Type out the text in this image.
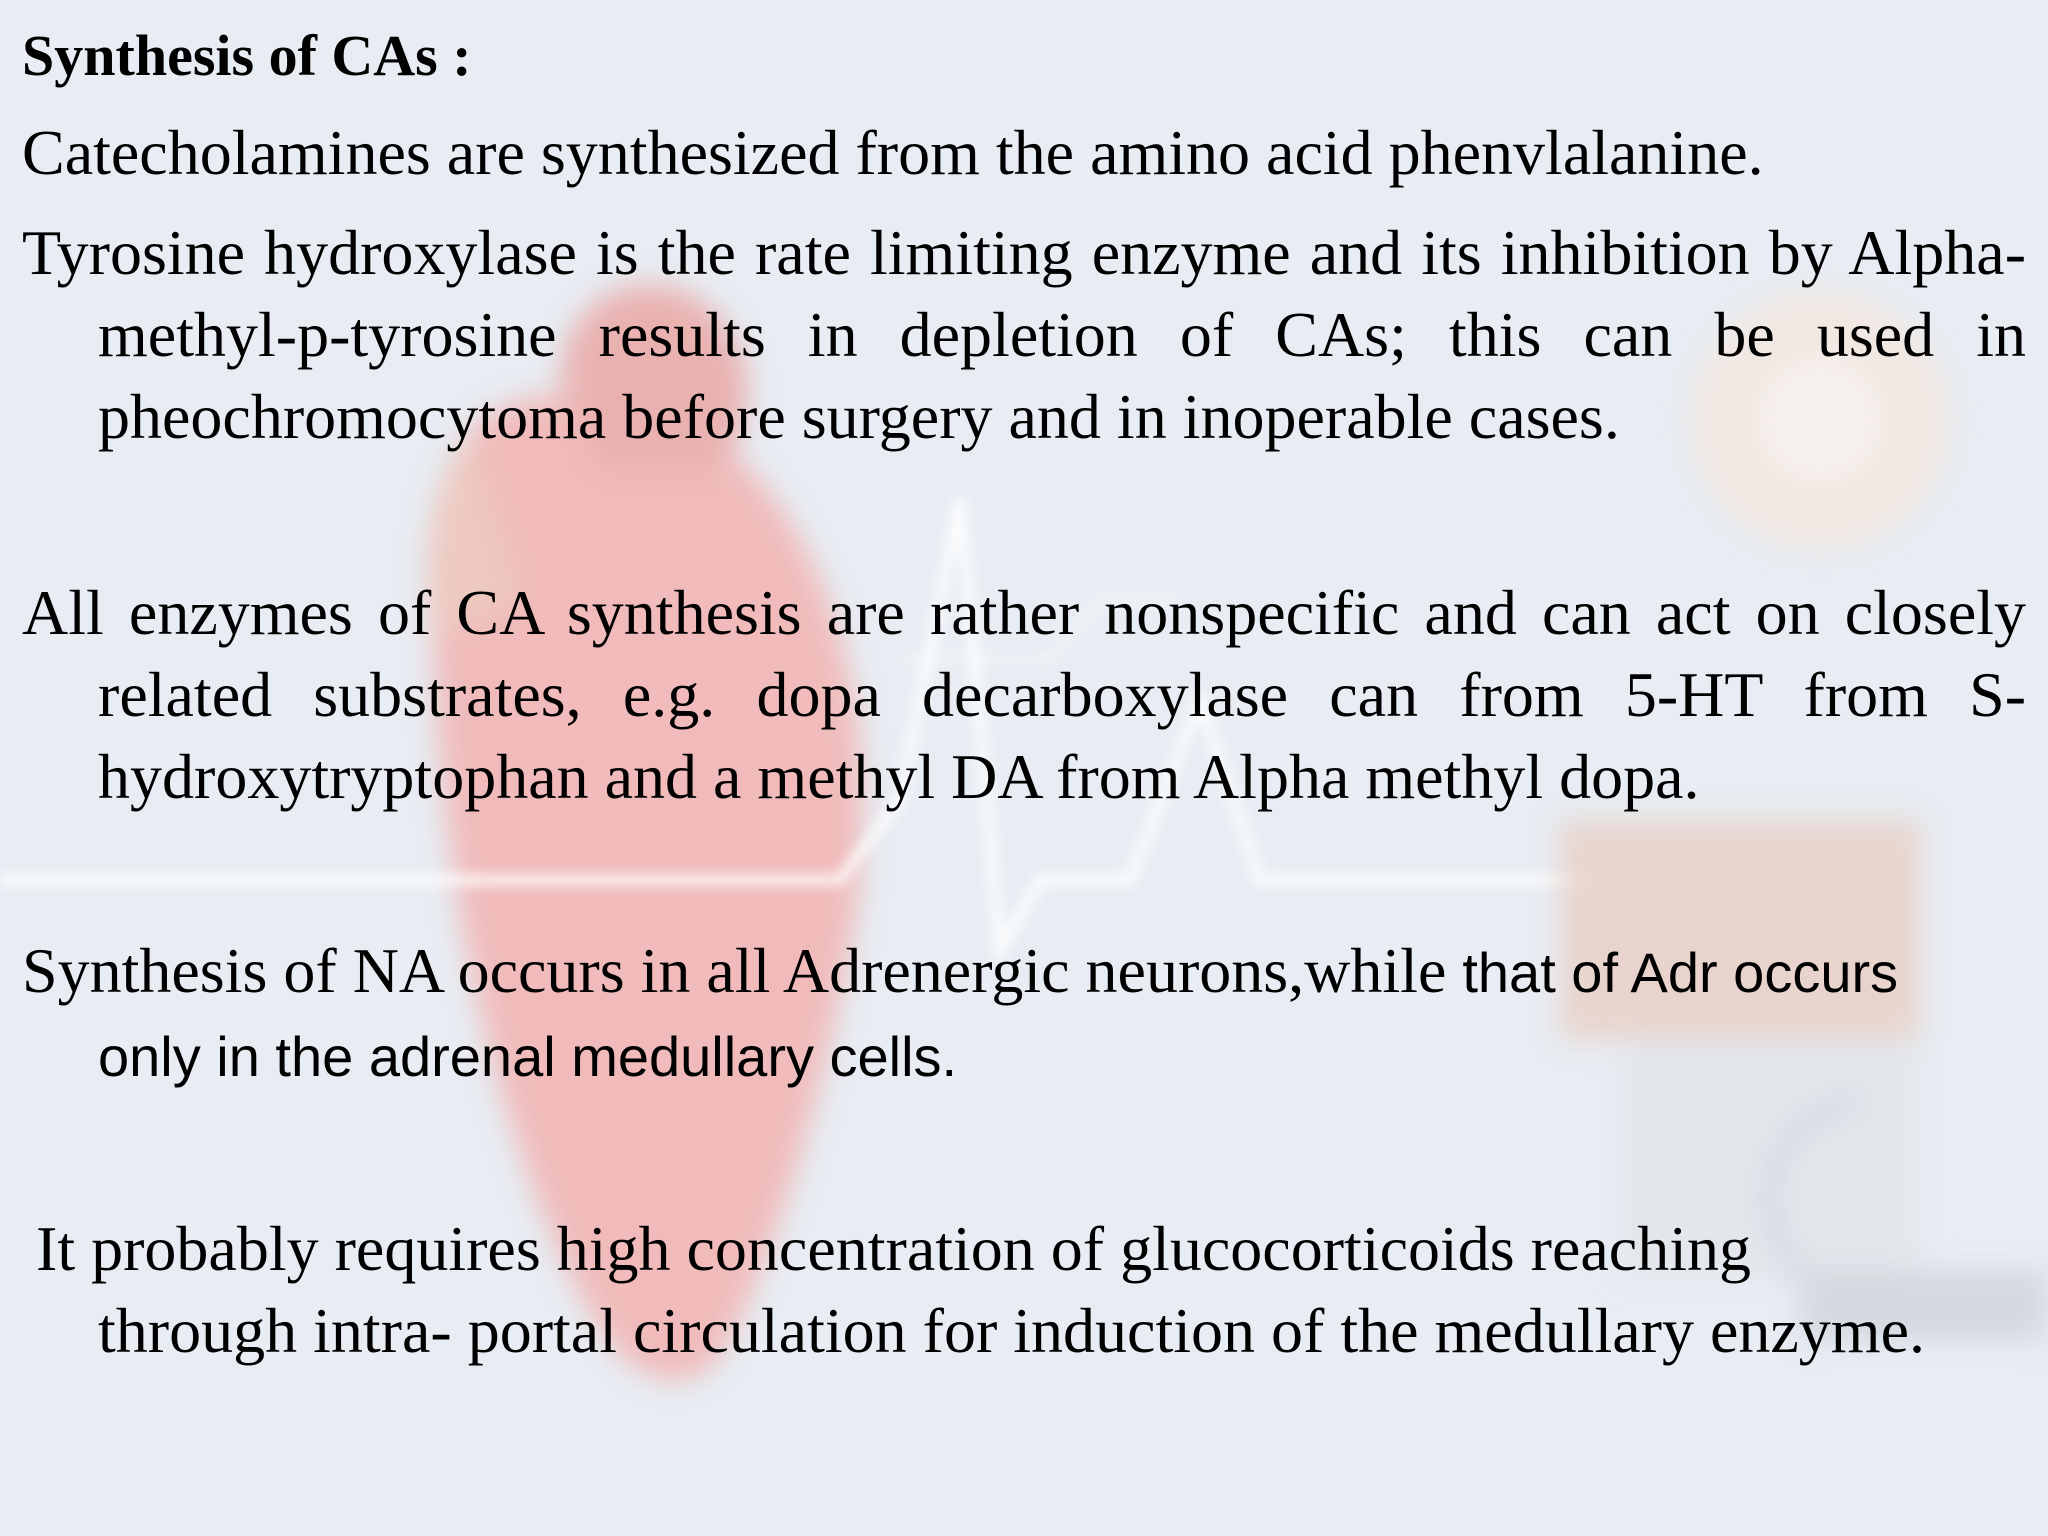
Synthesis of CAs :
Catecholamines are synthesized from the amino acid phenvlalanine.
Tyrosine hydroxylase is the rate limiting enzyme and its inhibition by Alpha-methyl-p-tyrosine results in depletion of CAs; this can be used in pheochromocytoma before surgery and in inoperable cases.
All enzymes of CA synthesis are rather nonspecific and can act on closely related substrates, e.g. dopa decarboxylase can from 5-HT from S-hydroxytryptophan and a methyl DA from Alpha methyl dopa.
Synthesis of NA occurs in all Adrenergic neurons,while that of Adr occurs only in the adrenal medullary cells.
It probably requires high concentration of glucocorticoids reaching through intra- portal circulation for induction of the medullary enzyme.
